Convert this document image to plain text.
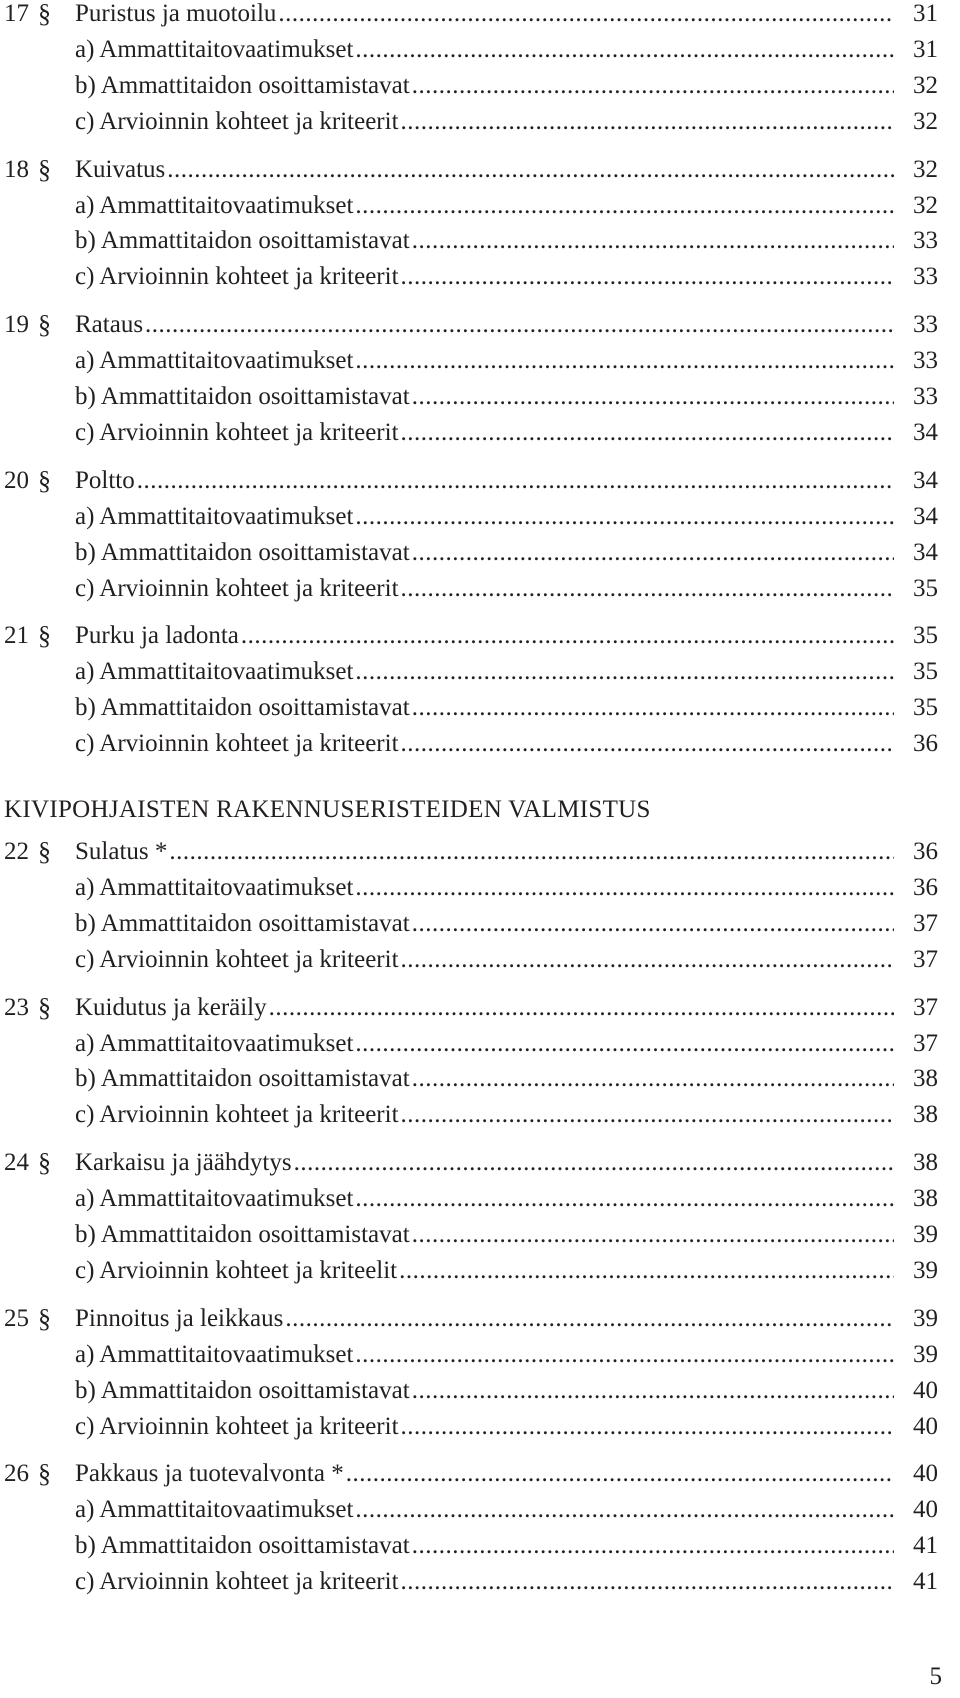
17 § Puristus ja muotoilu .....	31
a) Ammattitaitovaatimukset .....	31
b) Ammattitaidon osoittamistavat .....	32
c) Arvioinnin kohteet ja kriteerit .....	32
18 § Kuivatus .....	32
a) Ammattitaitovaatimukset .....	32
b) Ammattitaidon osoittamistavat .....	33
c) Arvioinnin kohteet ja kriteerit .....	33
19 § Rataus .....	33
a) Ammattitaitovaatimukset .....	33
b) Ammattitaidon osoittamistavat .....	33
c) Arvioinnin kohteet ja kriteerit .....	34
20 § Poltto .....	34
a) Ammattitaitovaatimukset .....	34
b) Ammattitaidon osoittamistavat .....	34
c) Arvioinnin kohteet ja kriteerit .....	35
21 § Purku ja ladonta .....	35
a) Ammattitaitovaatimukset .....	35
b) Ammattitaidon osoittamistavat .....	35
c) Arvioinnin kohteet ja kriteerit .....	36
KIVIPOHJAISTEN RAKENNUSERISTEIDEN VALMISTUS
22 § Sulatus * .....	36
a) Ammattitaitovaatimukset .....	36
b) Ammattitaidon osoittamistavat .....	37
c) Arvioinnin kohteet ja kriteerit .....	37
23 § Kuidutus ja keräily .....	37
a) Ammattitaitovaatimukset .....	37
b) Ammattitaidon osoittamistavat .....	38
c) Arvioinnin kohteet ja kriteerit .....	38
24 § Karkaisu ja jäähdytys .....	38
a) Ammattitaitovaatimukset .....	38
b) Ammattitaidon osoittamistavat .....	39
c) Arvioinnin kohteet ja kriteelit .....	39
25 § Pinnoitus ja leikkaus .....	39
a) Ammattitaitovaatimukset .....	39
b) Ammattitaidon osoittamistavat .....	40
c) Arvioinnin kohteet ja kriteerit .....	40
26 § Pakkaus ja tuotevalvonta * .....	40
a) Ammattitaitovaatimukset .....	40
b) Ammattitaidon osoittamistavat .....	41
c) Arvioinnin kohteet ja kriteerit .....	41
5
